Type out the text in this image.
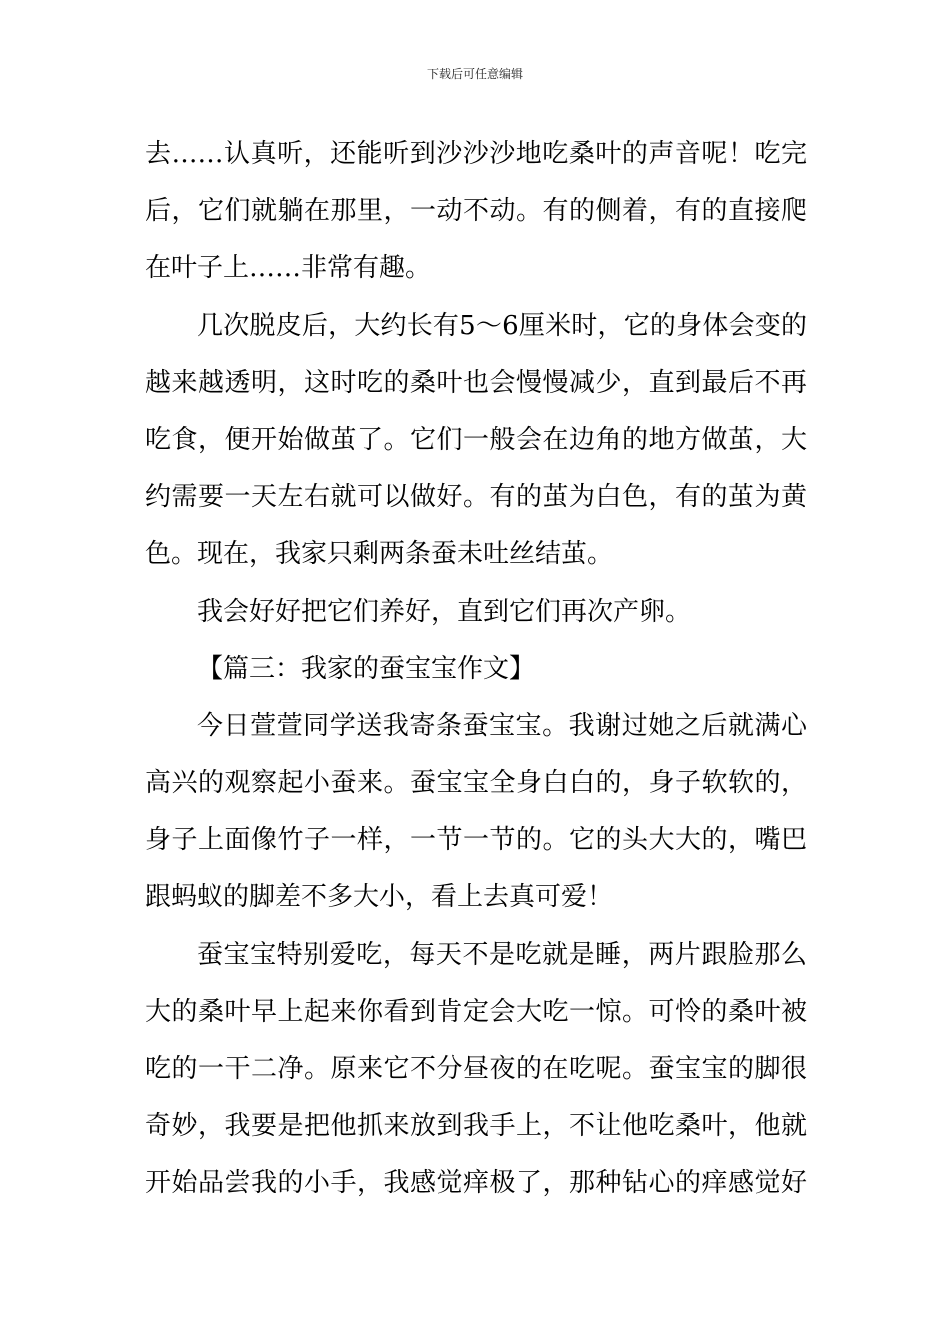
下载后可任意编辑
去……认真听，还能听到沙沙沙地吃桑叶的声音呢！吃完
后，它们就躺在那里，一动不动。有的侧着，有的直接爬
在叶子上……非常有趣。
几次脱皮后，大约长有5～6厘米时，它的身体会变的
越来越透明，这时吃的桑叶也会慢慢减少，直到最后不再
吃食，便开始做茧了。它们一般会在边角的地方做茧，大
约需要一天左右就可以做好。有的茧为白色，有的茧为黄
色。现在，我家只剩两条蚕未吐丝结茧。
我会好好把它们养好，直到它们再次产卵。
【篇三：我家的蚕宝宝作文】
今日萱萱同学送我寄条蚕宝宝。我谢过她之后就满心
高兴的观察起小蚕来。蚕宝宝全身白白的，身子软软的，
身子上面像竹子一样，一节一节的。它的头大大的，嘴巴
跟蚂蚁的脚差不多大小，看上去真可爱！
蚕宝宝特别爱吃，每天不是吃就是睡，两片跟脸那么
大的桑叶早上起来你看到肯定会大吃一惊。可怜的桑叶被
吃的一干二净。原来它不分昼夜的在吃呢。蚕宝宝的脚很
奇妙，我要是把他抓来放到我手上，不让他吃桑叶，他就
开始品尝我的小手，我感觉痒极了，那种钻心的痒感觉好
